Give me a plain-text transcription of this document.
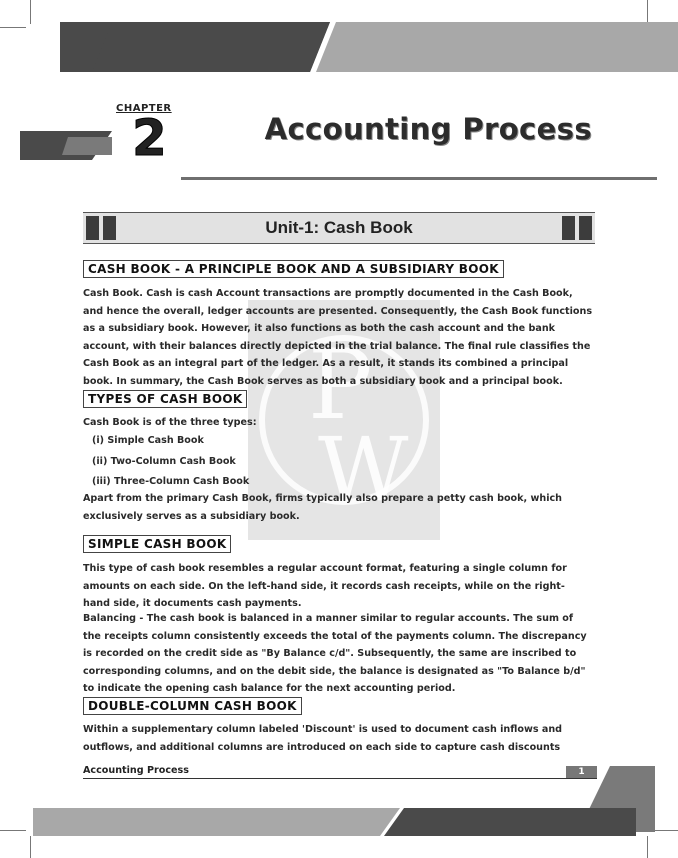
CHAPTER
2	Accounting Process
Unit-1: Cash Book
P
W
CASH BOOK - A PRINCIPLE BOOK AND A SUBSIDIARY BOOK
Cash Book. Cash is cash Account transactions are promptly documented in the Cash Book,
and hence the overall, ledger accounts are presented. Consequently, the Cash Book functions
as a subsidiary book. However, it also functions as both the cash account and the bank
account, with their balances directly depicted in the trial balance. The final rule classifies the
Cash Book as an integral part of the ledger. As a result, it stands its combined a principal
book. In summary, the Cash Book serves as both a subsidiary book and a principal book.
TYPES OF CASH BOOK
Cash Book is of the three types:
(i) Simple Cash Book
(ii) Two-Column Cash Book
(iii) Three-Column Cash Book
Apart from the primary Cash Book, firms typically also prepare a petty cash book, which
exclusively serves as a subsidiary book.
SIMPLE CASH BOOK
This type of cash book resembles a regular account format, featuring a single column for
amounts on each side. On the left-hand side, it records cash receipts, while on the right-
hand side, it documents cash payments.
Balancing - The cash book is balanced in a manner similar to regular accounts. The sum of
the receipts column consistently exceeds the total of the payments column. The discrepancy
is recorded on the credit side as "By Balance c/d". Subsequently, the same are inscribed to
corresponding columns, and on the debit side, the balance is designated as "To Balance b/d"
to indicate the opening cash balance for the next accounting period.
DOUBLE-COLUMN CASH BOOK
Within a supplementary column labeled 'Discount' is used to document cash inflows and
outflows, and additional columns are introduced on each side to capture cash discounts
Accounting Process	1
